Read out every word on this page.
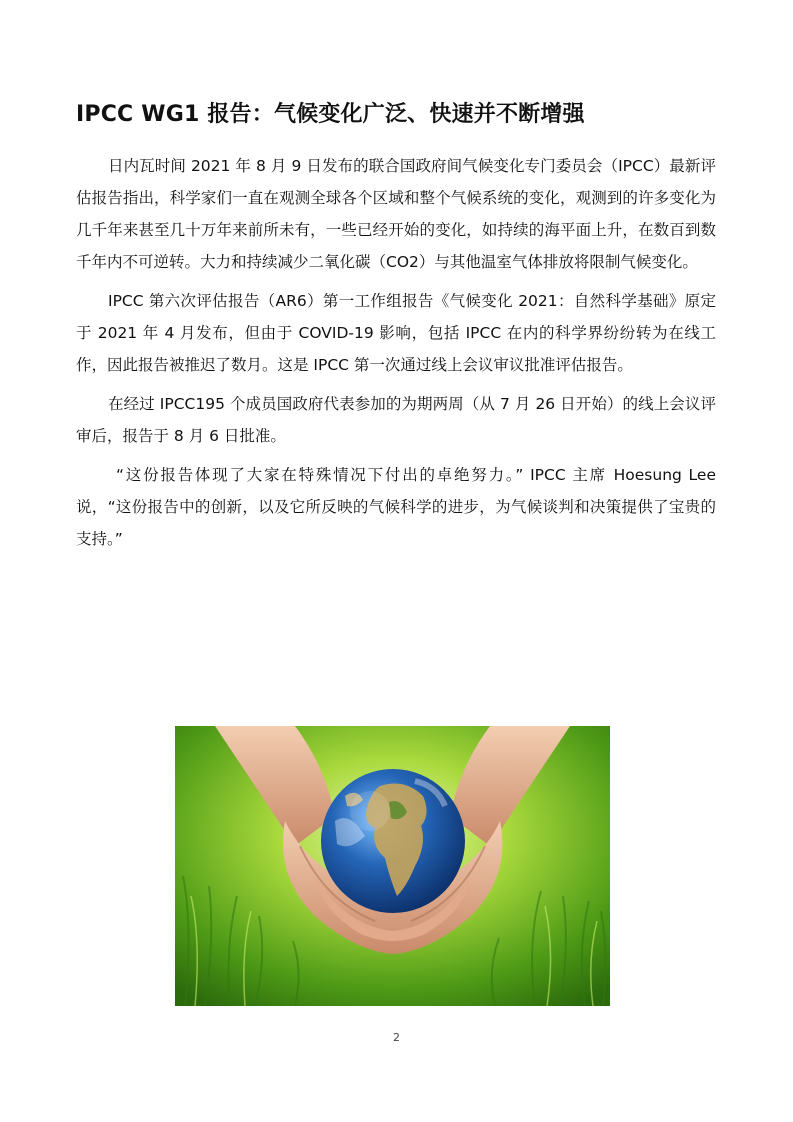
IPCC WG1 报告：气候变化广泛、快速并不断增强

日内瓦时间 2021 年 8 月 9 日发布的联合国政府间气候变化专门委员会（IPCC）最新评估报告指出，科学家们一直在观测全球各个区域和整个气候系统的变化，观测到的许多变化为几千年来甚至几十万年来前所未有，一些已经开始的变化，如持续的海平面上升，在数百到数千年内不可逆转。大力和持续减少二氧化碳（CO2）与其他温室气体排放将限制气候变化。

IPCC 第六次评估报告（AR6）第一工作组报告《气候变化 2021：自然科学基础》原定于 2021 年 4 月发布，但由于 COVID-19 影响，包括 IPCC 在内的科学界纷纷转为在线工作，因此报告被推迟了数月。这是 IPCC 第一次通过线上会议审议批准评估报告。

在经过 IPCC195 个成员国政府代表参加的为期两周（从 7 月 26 日开始）的线上会议评审后，报告于 8 月 6 日批准。

“这份报告体现了大家在特殊情况下付出的卓绝努力。” IPCC 主席 Hoesung Lee 说，“这份报告中的创新，以及它所反映的气候科学的进步，为气候谈判和决策提供了宝贵的支持。”

2
